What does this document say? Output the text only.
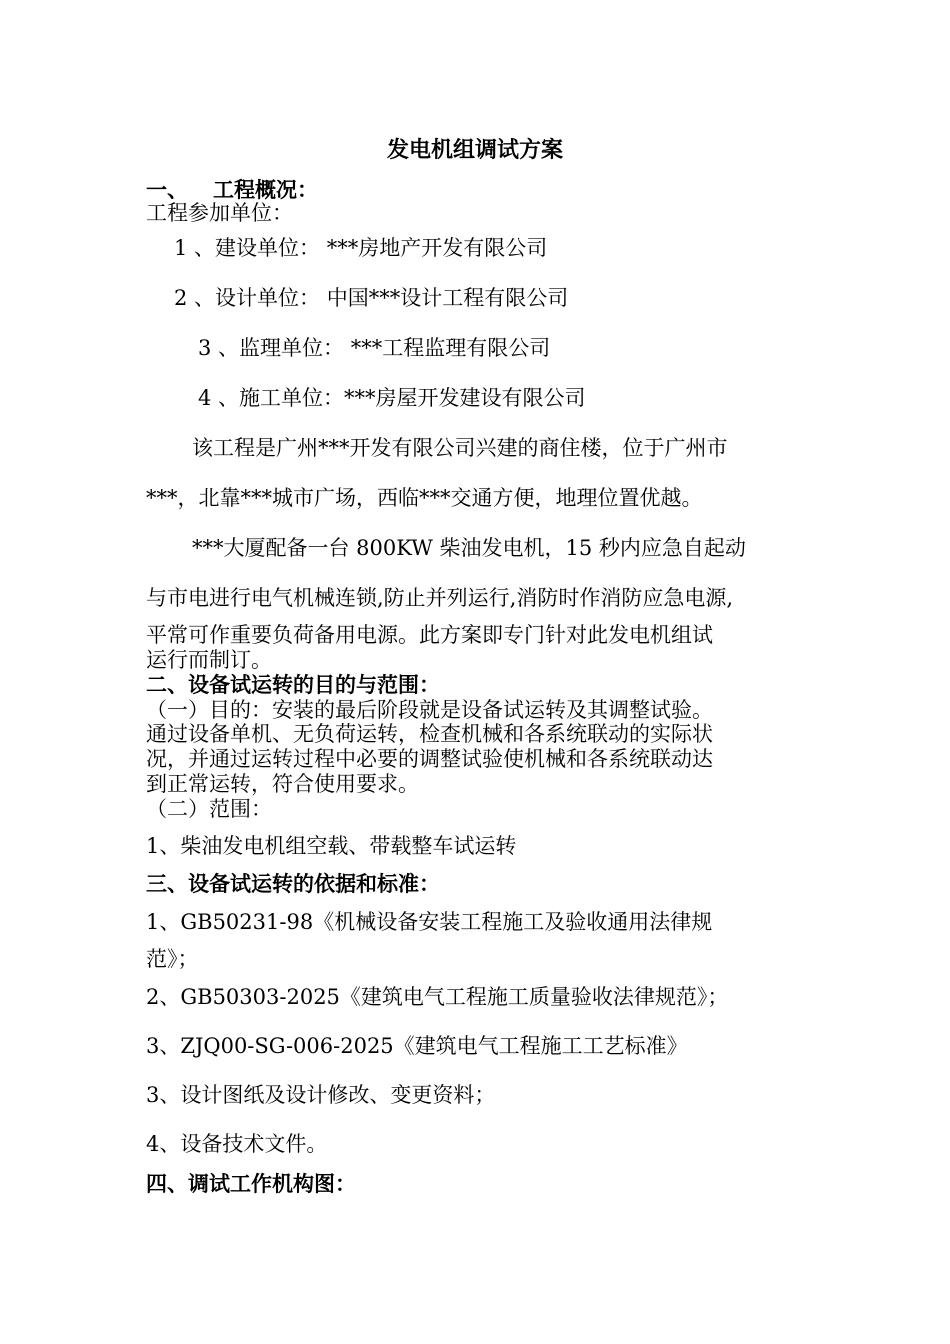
发电机组调试方案
一、 工程概况：
工程参加单位：
1 、建设单位： ***房地产开发有限公司
2 、设计单位： 中国***设计工程有限公司
3 、监理单位： ***工程监理有限公司
4 、施工单位：***房屋开发建设有限公司
该工程是广州***开发有限公司兴建的商住楼，位于广州市
***，北靠***城市广场，西临***交通方便，地理位置优越。
***大厦配备一台 800KW 柴油发电机，15 秒内应急自起动
与市电进行电气机械连锁,防止并列运行,消防时作消防应急电源,
平常可作重要负荷备用电源。此方案即专门针对此发电机组试
运行而制订。
二、设备试运转的目的与范围：
（一）目的：安装的最后阶段就是设备试运转及其调整试验。
通过设备单机、无负荷运转，检查机械和各系统联动的实际状
况，并通过运转过程中必要的调整试验使机械和各系统联动达
到正常运转，符合使用要求。
（二）范围：
1、柴油发电机组空载、带载整车试运转
三、设备试运转的依据和标准：
1、GB50231-98《机械设备安装工程施工及验收通用法律规
范》；
2、GB50303-2025《建筑电气工程施工质量验收法律规范》；
3、ZJQ00-SG-006-2025《建筑电气工程施工工艺标准》
3、设计图纸及设计修改、变更资料；
4、设备技术文件。
四、调试工作机构图：
